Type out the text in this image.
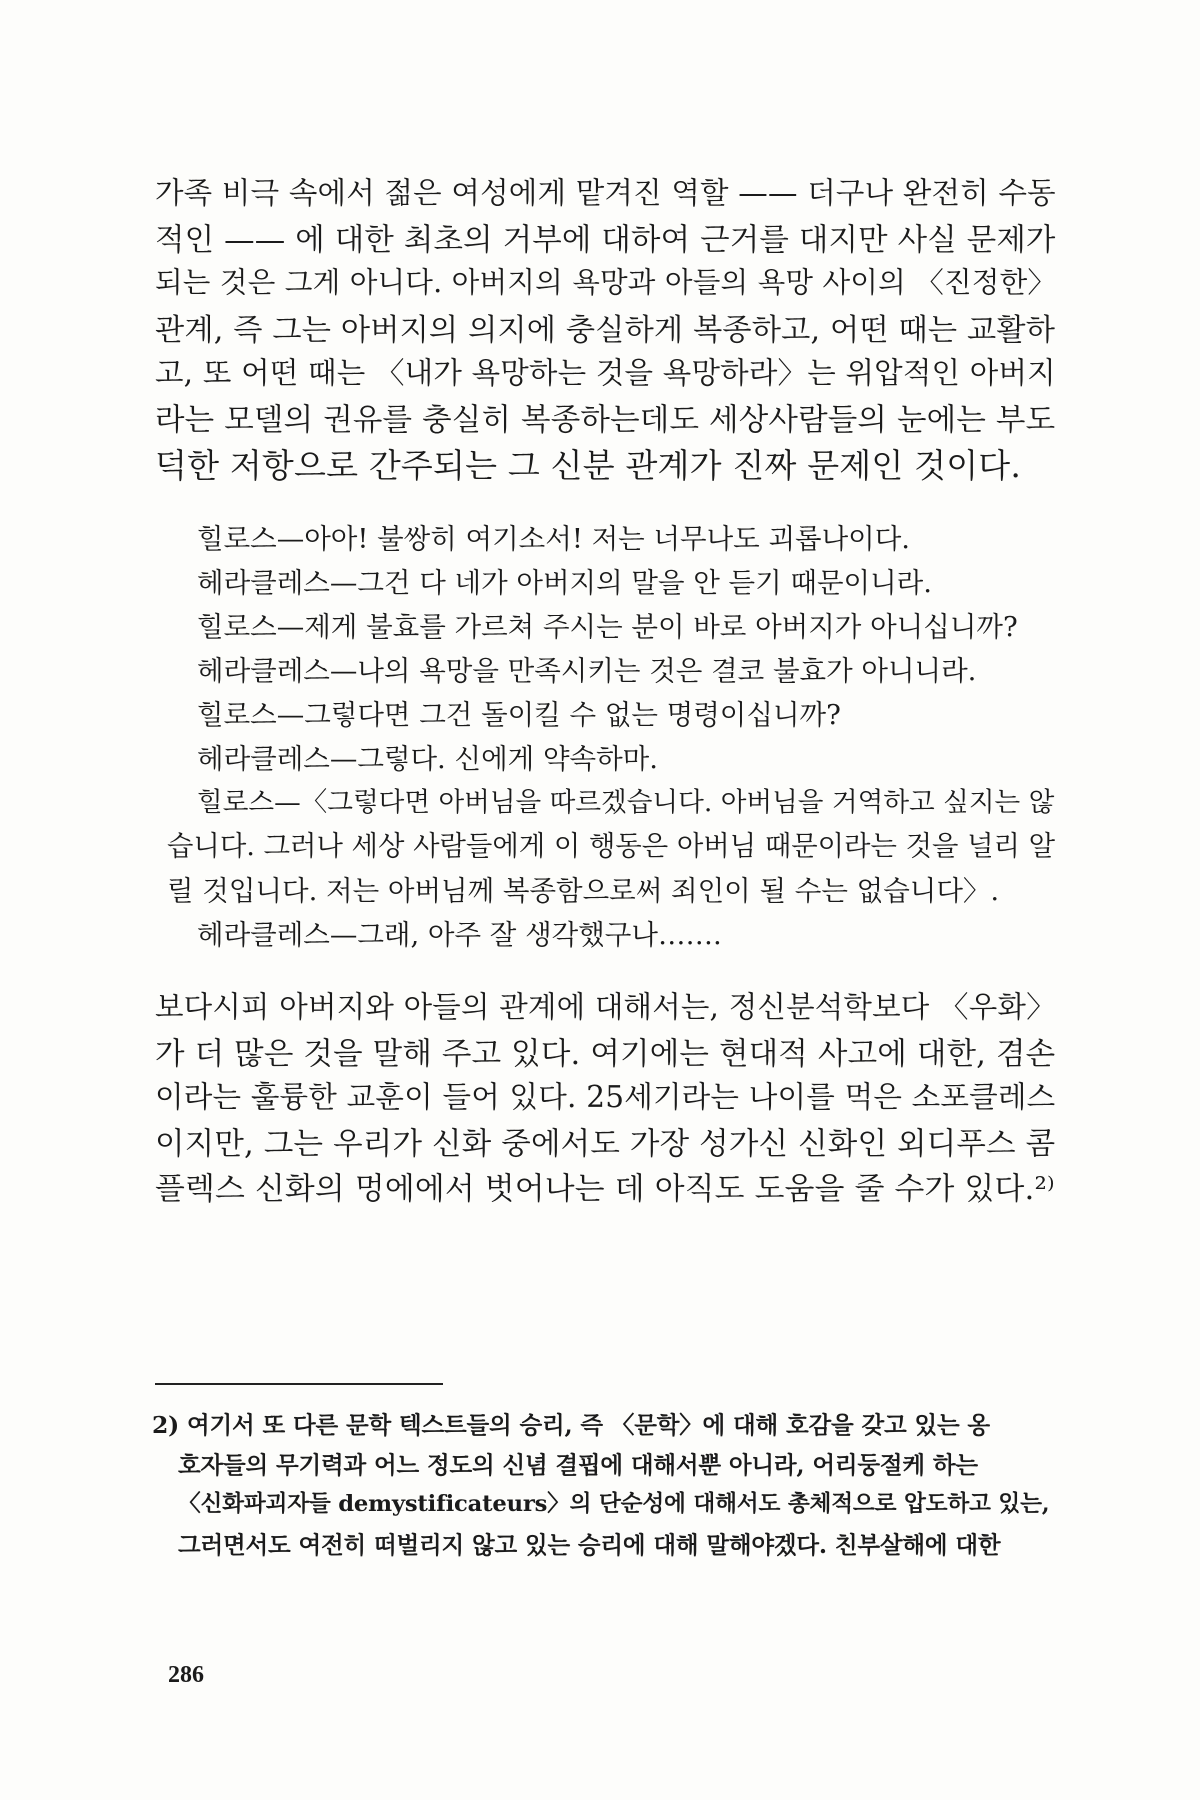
가족 비극 속에서 젊은 여성에게 맡겨진 역할 —— 더구나 완전히 수동

적인 —— 에 대한 최초의 거부에 대하여 근거를 대지만 사실 문제가

되는 것은 그게 아니다. 아버지의 욕망과 아들의 욕망 사이의 〈진정한〉

관계, 즉 그는 아버지의 의지에 충실하게 복종하고, 어떤 때는 교활하

고, 또 어떤 때는 〈내가 욕망하는 것을 욕망하라〉는 위압적인 아버지

라는 모델의 권유를 충실히 복종하는데도 세상사람들의 눈에는 부도

덕한 저항으로 간주되는 그 신분 관계가 진짜 문제인 것이다.

힐로스—아아! 불쌍히 여기소서! 저는 너무나도 괴롭나이다.

헤라클레스—그건 다 네가 아버지의 말을 안 듣기 때문이니라.

힐로스—제게 불효를 가르쳐 주시는 분이 바로 아버지가 아니십니까?

헤라클레스—나의 욕망을 만족시키는 것은 결코 불효가 아니니라.

힐로스—그렇다면 그건 돌이킬 수 없는 명령이십니까?

헤라클레스—그렇다. 신에게 약속하마.

힐로스—〈그렇다면 아버님을 따르겠습니다. 아버님을 거역하고 싶지는 않

습니다. 그러나 세상 사람들에게 이 행동은 아버님 때문이라는 것을 널리 알

릴 것입니다. 저는 아버님께 복종함으로써 죄인이 될 수는 없습니다〉.

헤라클레스—그래, 아주 잘 생각했구나…….

보다시피 아버지와 아들의 관계에 대해서는, 정신분석학보다 〈우화〉

가 더 많은 것을 말해 주고 있다. 여기에는 현대적 사고에 대한, 겸손

이라는 훌륭한 교훈이 들어 있다. 25세기라는 나이를 먹은 소포클레스

이지만, 그는 우리가 신화 중에서도 가장 성가신 신화인 외디푸스 콤

플렉스 신화의 멍에에서 벗어나는 데 아직도 도움을 줄 수가 있다.²⁾

2) 여기서 또 다른 문학 텍스트들의 승리, 즉 〈문학〉에 대해 호감을 갖고 있는 옹

호자들의 무기력과 어느 정도의 신념 결핍에 대해서뿐 아니라, 어리둥절케 하는

〈신화파괴자들 demystificateurs〉의 단순성에 대해서도 총체적으로 압도하고 있는,

그러면서도 여전히 떠벌리지 않고 있는 승리에 대해 말해야겠다. 친부살해에 대한

286
